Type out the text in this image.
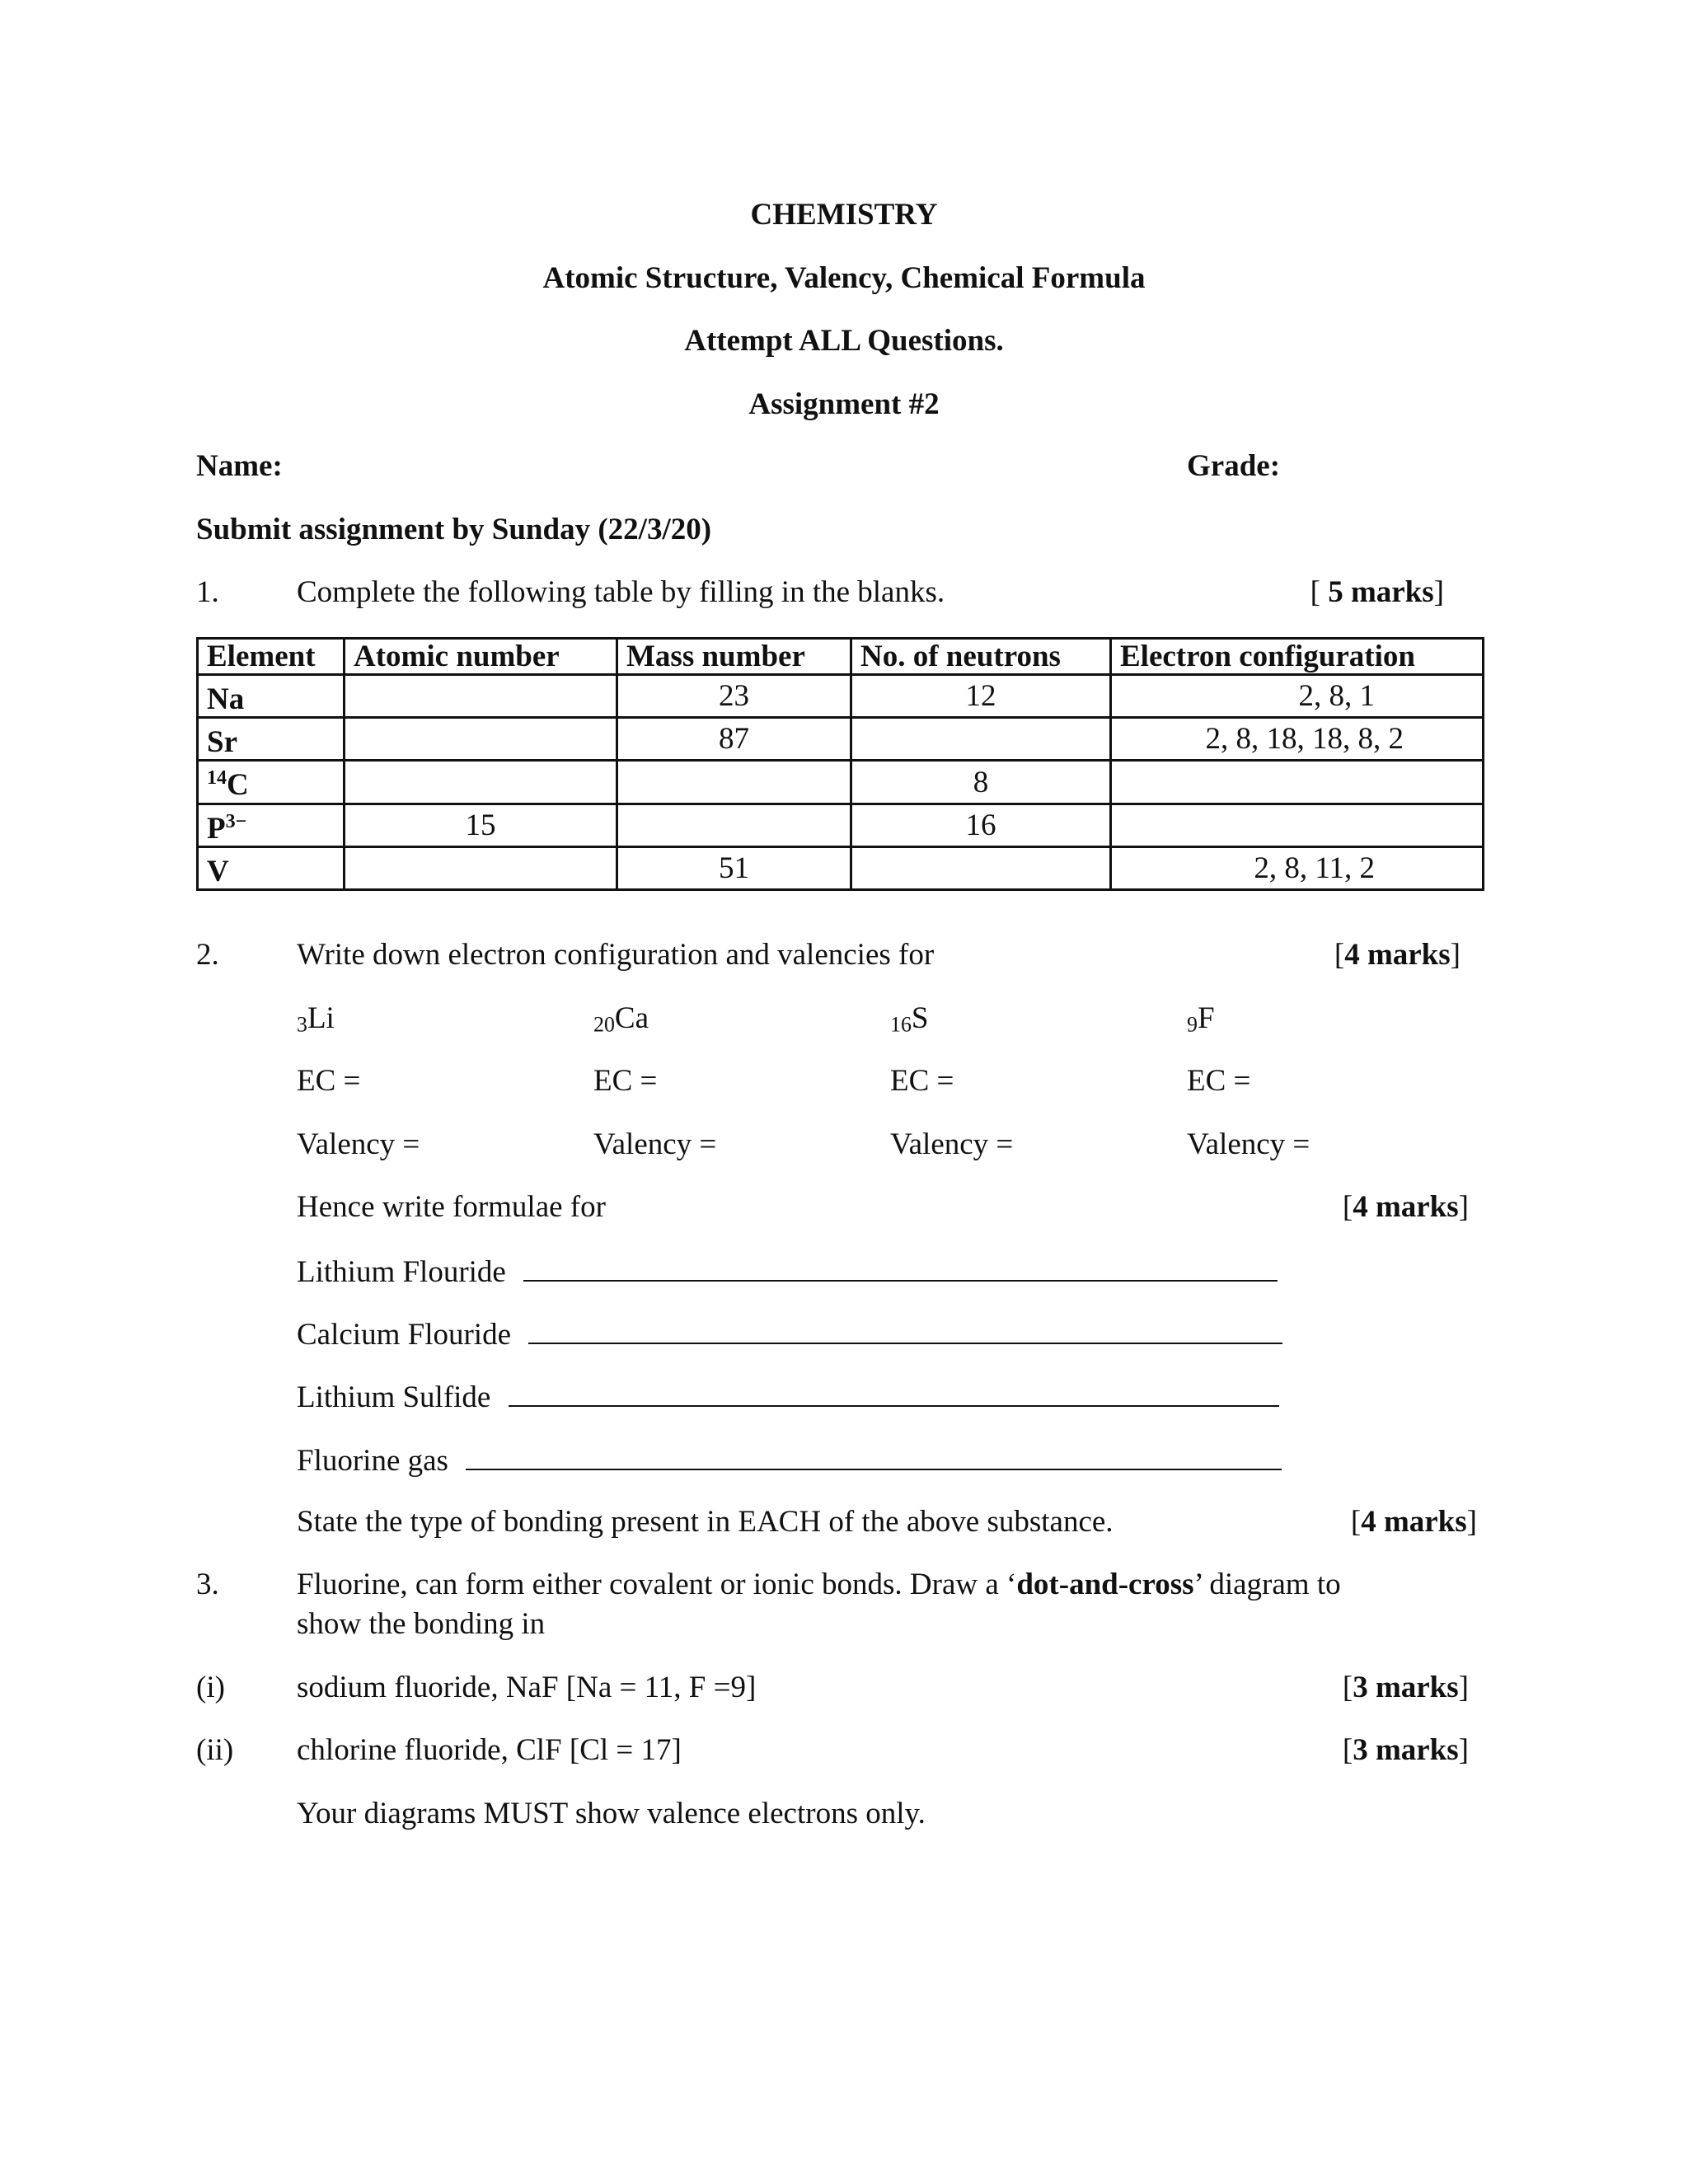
CHEMISTRY
Atomic Structure, Valency, Chemical Formula
Attempt ALL Questions.
Assignment #2
Name:	Grade:
Submit assignment by Sunday (22/3/20)
1.	Complete the following table by filling in the blanks.	[ 5 marks]
Element	Atomic number	Mass number	No. of neutrons	Electron configuration
Na		23	12	2, 8, 1
Sr		87		2, 8, 18, 18, 8, 2
$^{14}$C			8	
$P^{3-}$	15		16	
V		51		2, 8, 11, 2
2.	Write down electron configuration and valencies for	[4 marks]
$_3$Li	$_{20}$Ca	$_{16}$S	$_9$F
EC =	EC =	EC =	EC =
Valency =	Valency =	Valency =	Valency =
Hence write formulae for	[4 marks]
Lithium Flouride
Calcium Flouride
Lithium Sulfide
Fluorine gas
State the type of bonding present in EACH of the above substance.	[4 marks]
3.	Fluorine, can form either covalent or ionic bonds. Draw a ‘dot-and-cross’ diagram to
show the bonding in
(i) sodium fluoride, NaF [Na = 11, F =9]	[3 marks]
(ii) chlorine fluoride, ClF [Cl = 17]	[3 marks]
Your diagrams MUST show valence electrons only.
